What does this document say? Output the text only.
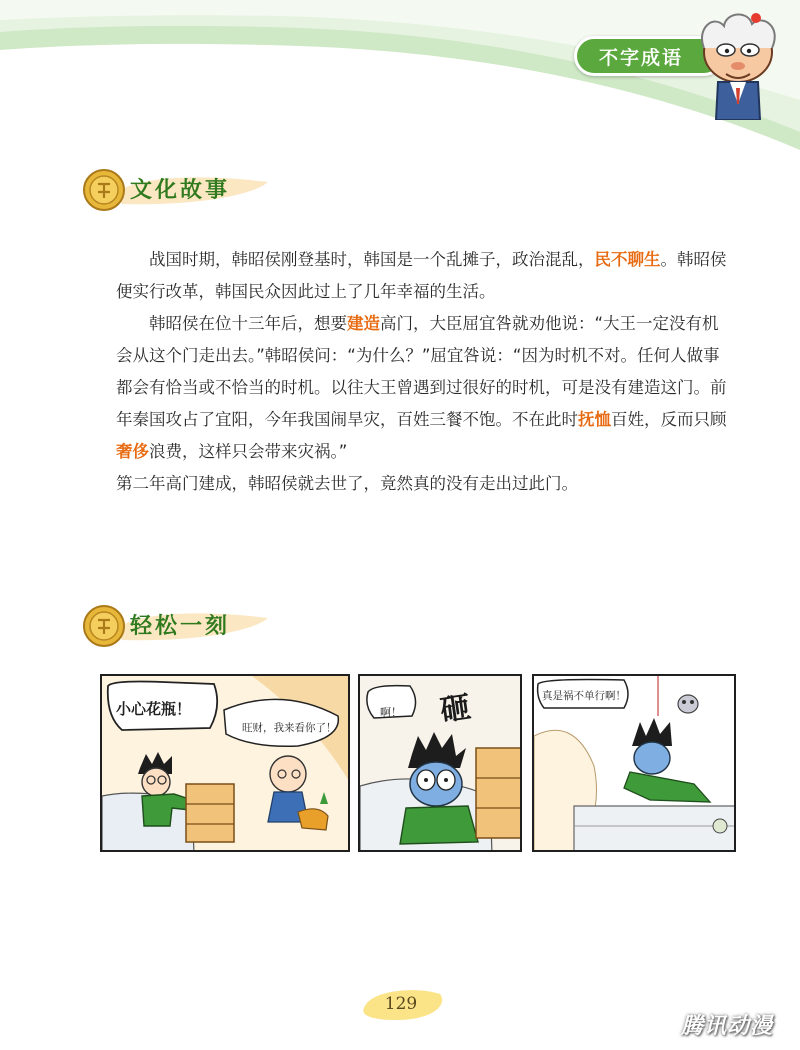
不字成语
文化故事

战国时期，韩昭侯刚登基时，韩国是一个乱摊子，政治混乱，民不聊生。韩昭侯便实行改革，韩国民众因此过上了几年幸福的生活。

韩昭侯在位十三年后，想要建造高门，大臣屈宜咎就劝他说：“大王一定没有机会从这个门走出去。”韩昭侯问：“为什么？”屈宜咎说：“因为时机不对。任何人做事都会有恰当或不恰当的时机。以往大王曾遇到过很好的时机，可是没有建造这门。前年秦国攻占了宜阳，今年我国闹旱灾，百姓三餐不饱。不在此时抚恤百姓，反而只顾奢侈浪费，这样只会带来灾祸。”

第二年高门建成，韩昭侯就去世了，竟然真的没有走出过此门。

轻松一刻
小心花瓶！
旺财，我来看你了！
啊！ 砸	真是祸不单行啊！
129
腾讯动漫
